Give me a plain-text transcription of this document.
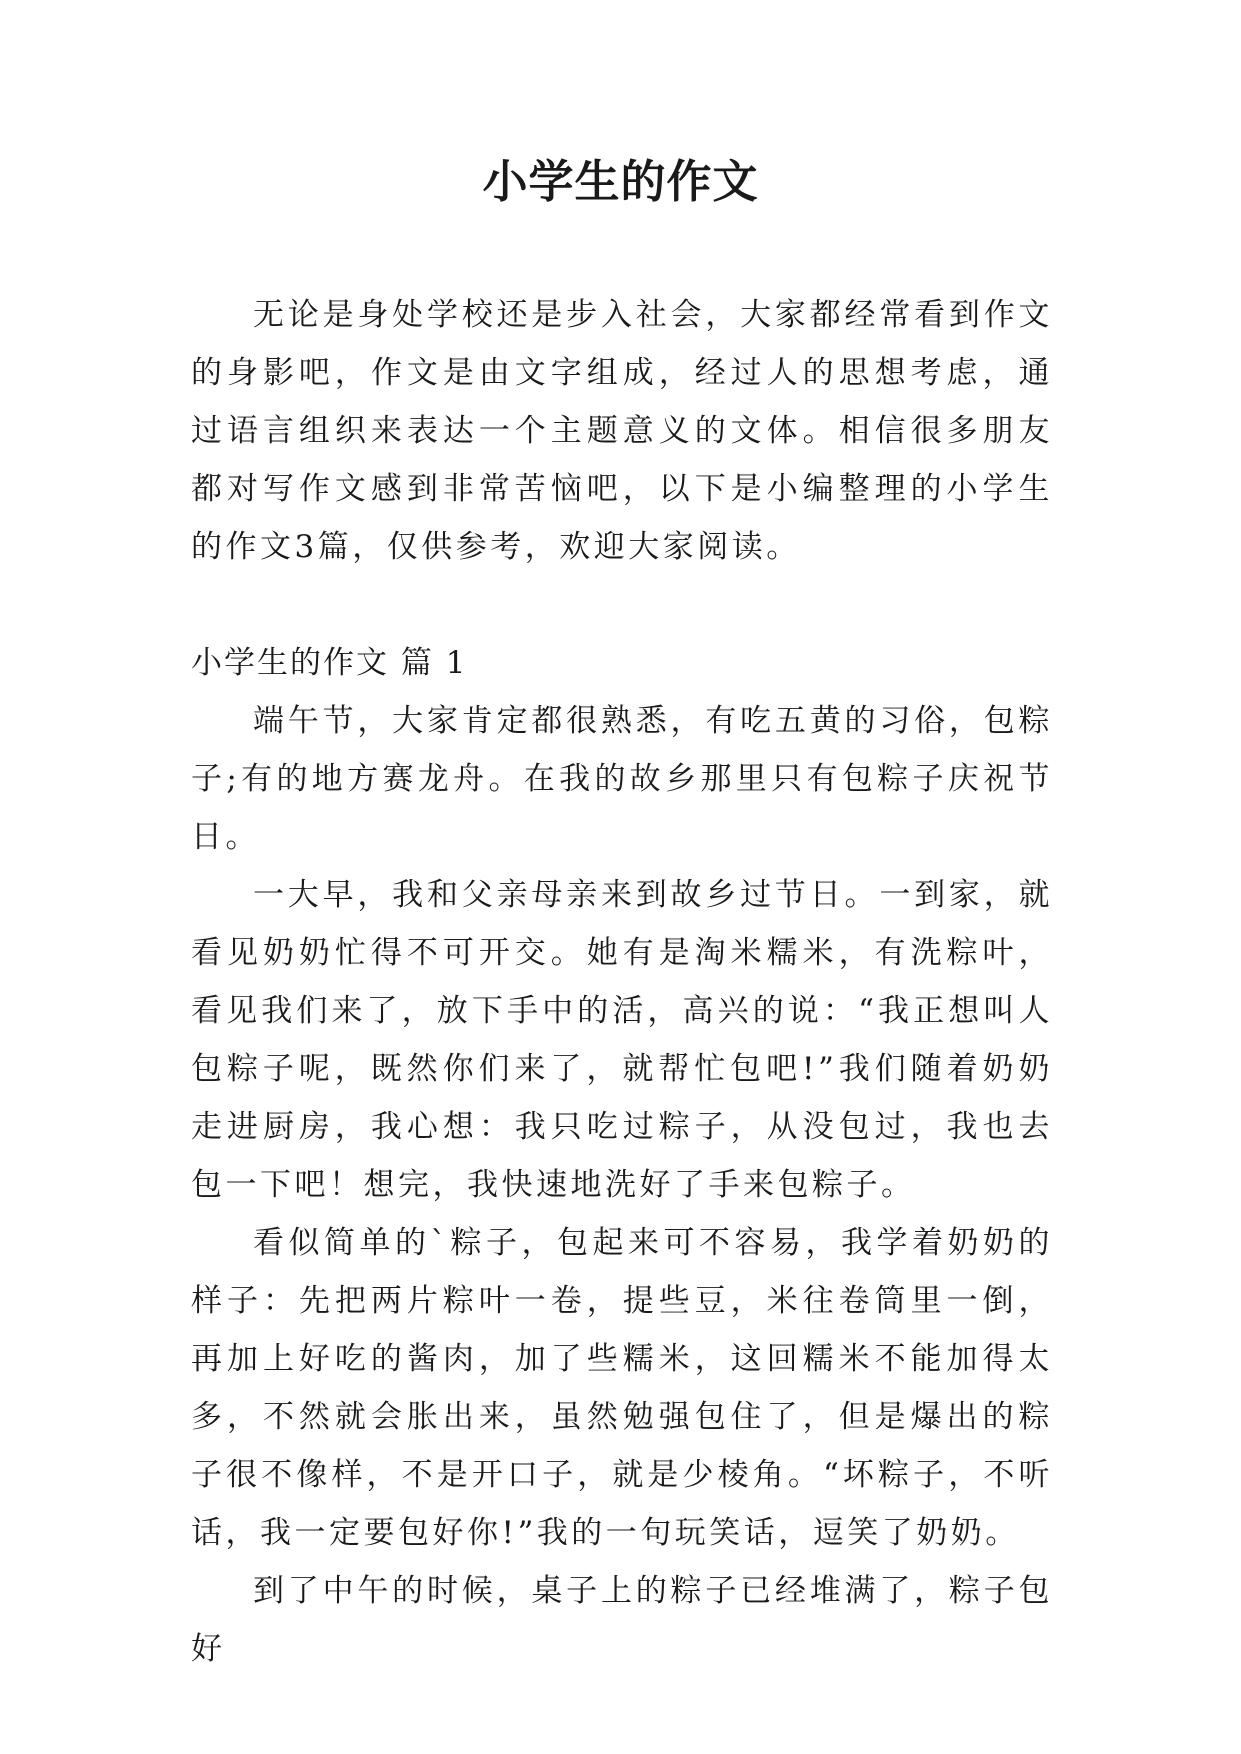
小学生的作文

无论是身处学校还是步入社会，大家都经常看到作文的身影吧，作文是由文字组成，经过人的思想考虑，通过语言组织来表达一个主题意义的文体。相信很多朋友都对写作文感到非常苦恼吧，以下是小编整理的小学生的作文3篇，仅供参考，欢迎大家阅读。

小学生的作文 篇 1

端午节，大家肯定都很熟悉，有吃五黄的习俗，包粽子;有的地方赛龙舟。在我的故乡那里只有包粽子庆祝节日。

一大早，我和父亲母亲来到故乡过节日。一到家，就看见奶奶忙得不可开交。她有是淘米糯米，有洗粽叶，看见我们来了，放下手中的活，高兴的说：“我正想叫人包粽子呢，既然你们来了，就帮忙包吧!”我们随着奶奶走进厨房，我心想：我只吃过粽子，从没包过，我也去包一下吧！想完，我快速地洗好了手来包粽子。

看似简单的`粽子，包起来可不容易，我学着奶奶的样子：先把两片粽叶一卷，提些豆，米往卷筒里一倒，再加上好吃的酱肉，加了些糯米，这回糯米不能加得太多，不然就会胀出来，虽然勉强包住了，但是爆出的粽子很不像样，不是开口子，就是少棱角。“坏粽子，不听话，我一定要包好你!”我的一句玩笑话，逗笑了奶奶。

到了中午的时候，桌子上的粽子已经堆满了，粽子包好
